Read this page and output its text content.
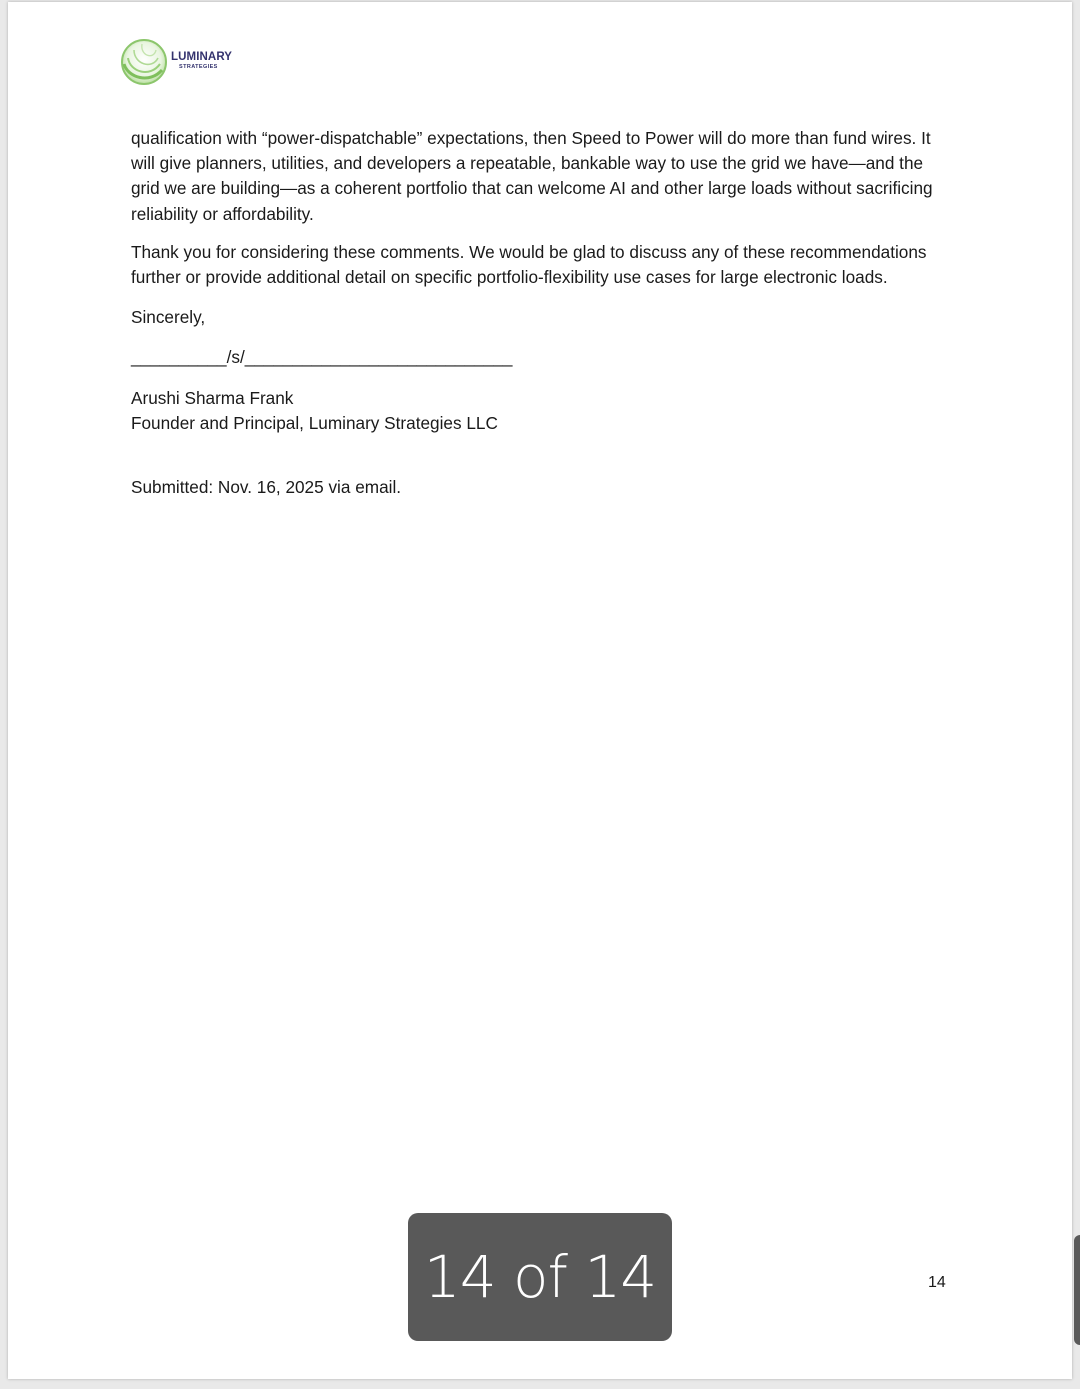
LUMINARY
STRATEGIES

qualification with “power-dispatchable” expectations, then Speed to Power will do more than fund wires. It will give planners, utilities, and developers a repeatable, bankable way to use the grid we have—and the grid we are building—as a coherent portfolio that can welcome AI and other large loads without sacrificing reliability or affordability.

Thank you for considering these comments. We would be glad to discuss any of these recommendations further or provide additional detail on specific portfolio-flexibility use cases for large electronic loads.

Sincerely,

__________/s/____________________________

Arushi Sharma Frank

Founder and Principal, Luminary Strategies LLC

Submitted: Nov. 16, 2025 via email.

14
14 of 14
